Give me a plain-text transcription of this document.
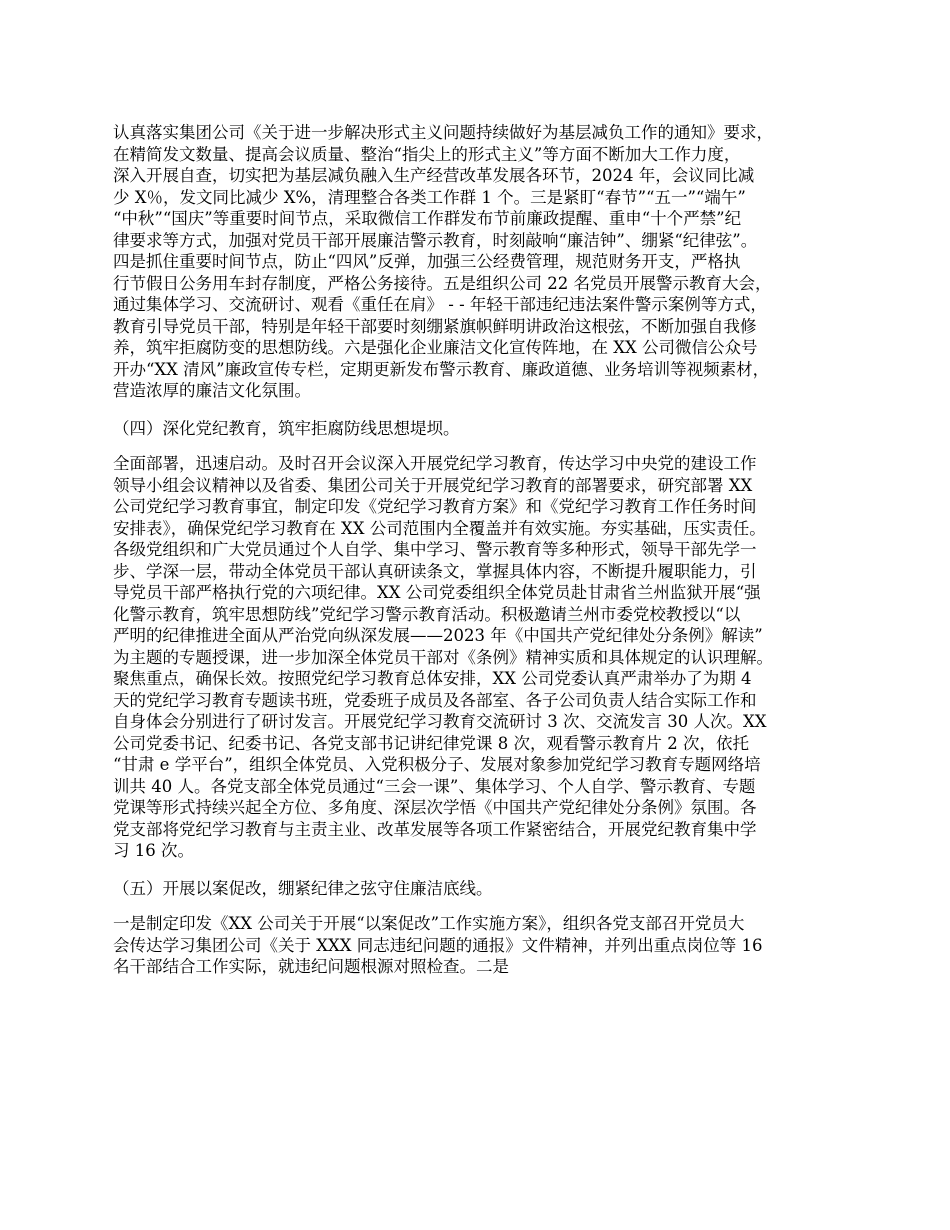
认真落实集团公司《关于进一步解决形式主义问题持续做好为基层减负工作的通知》要求，
在精简发文数量、提高会议质量、整治“指尖上的形式主义”等方面不断加大工作力度，
深入开展自查，切实把为基层减负融入生产经营改革发展各环节，2024 年，会议同比减
少 X％，发文同比减少 X%，清理整合各类工作群 1 个。三是紧盯“春节”“五一”“端午”
“中秋”“国庆”等重要时间节点，采取微信工作群发布节前廉政提醒、重申“十个严禁”纪
律要求等方式，加强对党员干部开展廉洁警示教育，时刻敲响“廉洁钟”、绷紧“纪律弦”。
四是抓住重要时间节点，防止“四风”反弹，加强三公经费管理，规范财务开支，严格执
行节假日公务用车封存制度，严格公务接待。五是组织公司 22 名党员开展警示教育大会，
通过集体学习、交流研讨、观看《重任在肩》 - - 年轻干部违纪违法案件警示案例等方式，
教育引导党员干部，特别是年轻干部要时刻绷紧旗帜鲜明讲政治这根弦，不断加强自我修
养，筑牢拒腐防变的思想防线。六是强化企业廉洁文化宣传阵地，在 XX 公司微信公众号
开办“XX 清风”廉政宣传专栏，定期更新发布警示教育、廉政道德、业务培训等视频素材，
营造浓厚的廉洁文化氛围。
（四）深化党纪教育，筑牢拒腐防线思想堤坝。
全面部署，迅速启动。及时召开会议深入开展党纪学习教育，传达学习中央党的建设工作
领导小组会议精神以及省委、集团公司关于开展党纪学习教育的部署要求，研究部署 XX
公司党纪学习教育事宜，制定印发《党纪学习教育方案》和《党纪学习教育工作任务时间
安排表》，确保党纪学习教育在 XX 公司范围内全覆盖并有效实施。夯实基础，压实责任。
各级党组织和广大党员通过个人自学、集中学习、警示教育等多种形式，领导干部先学一
步、学深一层，带动全体党员干部认真研读条文，掌握具体内容，不断提升履职能力，引
导党员干部严格执行党的六项纪律。XX 公司党委组织全体党员赴甘肃省兰州监狱开展“强
化警示教育，筑牢思想防线”党纪学习警示教育活动。积极邀请兰州市委党校教授以“以
严明的纪律推进全面从严治党向纵深发展——2023 年《中国共产党纪律处分条例》解读”
为主题的专题授课，进一步加深全体党员干部对《条例》精神实质和具体规定的认识理解。
聚焦重点，确保长效。按照党纪学习教育总体安排，XX 公司党委认真严肃举办了为期 4
天的党纪学习教育专题读书班，党委班子成员及各部室、各子公司负责人结合实际工作和
自身体会分别进行了研讨发言。开展党纪学习教育交流研讨 3 次、交流发言 30 人次。XX
公司党委书记、纪委书记、各党支部书记讲纪律党课 8 次，观看警示教育片 2 次，依托
“甘肃 e 学平台”，组织全体党员、入党积极分子、发展对象参加党纪学习教育专题网络培
训共 40 人。各党支部全体党员通过“三会一课”、集体学习、个人自学、警示教育、专题
党课等形式持续兴起全方位、多角度、深层次学悟《中国共产党纪律处分条例》氛围。各
党支部将党纪学习教育与主责主业、改革发展等各项工作紧密结合，开展党纪教育集中学
习 16 次。
（五）开展以案促改，绷紧纪律之弦守住廉洁底线。
一是制定印发《XX 公司关于开展“以案促改”工作实施方案》，组织各党支部召开党员大
会传达学习集团公司《关于 XXX 同志违纪问题的通报》文件精神，并列出重点岗位等 16
名干部结合工作实际，就违纪问题根源对照检查。二是
